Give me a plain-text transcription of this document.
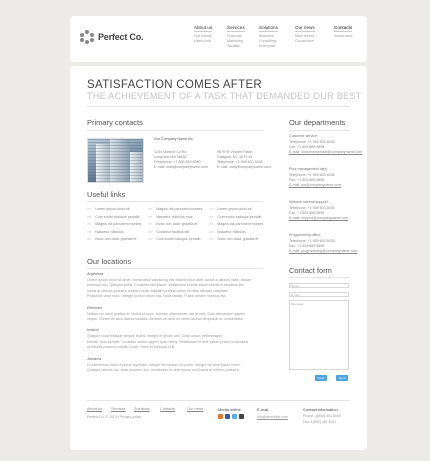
Perfect Co.
About us
Our history
Useful info
Services
Financial
Marketing
Taxation
Solutions
Business
Consulting
Enterprise
Our news
Most recent
Our archive
Contacts
Social work
SATISFACTION COMES AFTER
THE ACHIEVEMENT OF A TASK THAT DEMANDED OUR BEST
Primary contacts
Our Company Name Inc.
1234 Marmor Cy Rd,
Longview WA 98632
Freephone: +1 800 559 6580
E-mail: mail@companyname.com
9870 St Vincent Place,
Glasgow, DC 45 Fr 45
Telephone: +1 959 603 6035
E-mail: mail@companyname.com
Useful links
>> Lorem ipsum dolor sit
>> Cum sociis natoque penatib
>> Magnis dis parturient montes
>> Nascetur ridiculus
>> Nunc non dolor gravida et
>> Magnis dis parturient montes
>> Nascetur ridiculus mus
>> Nunc non dolor gravida et
>> Curabitur facilisis elit
>> Cum sociis natoque penatib
>> Lorem ipsum dolor sit
>> Cum sociis natoque penatib
>> Magnis dis parturient montes
>> Nascetur ridiculus
>> Nunc non dolor gravida et
Our locations
Argentina
Lorem ipsum dolor sit amet, consectetur adipiscing elit. Mauris dolor ante, luctus a ultrices vitae, dictum
euismod non. Quisque porta. Curabitur sed ipsum. Vestibulum et ante ipsum primis in faucibus orci
luctus et ultrices posuere cubilia Curae; Aliquam pretium tellus vel felis ultricies vulputate.
Phasellus vitae nunc. Integer luctus rutrum nisi. Nulla facilisi. Fusce ornare rhoncus est.
Denmark
Nullam vel dolor gravida et, luctus et nunc. Aenean ullamcorper nisi at velit. Duis elementum sapien
neque. Donec vel arcu lacinia sodales. Aenean vel ante eu lorem lacinia tempus at et, consectetur.
Ireland
Quisque nulla tristique tempor lectus. Integer et ipsum orci. Cras cursus pellentesque
blandit. Duis semper. Curabitur auctor sapien quis metus. Vestibulum et ante ipsum primis in faucibus
ut ultrices posuere cubilia Curae. Nunc et vehicula velit.
Jamaica
Ut elementum dolor a purus dignissim, integer fermentum ut ipsum. Integer vel ante ipsum lorem
Quisque ultrices dui, vitae posuere orci. Vestibulum et ante ipsum orci luctus et ultrices posuere.
Our departments
Customer service:
Telephone: +1 959 603 6035
Fax: +1 504 889 9898
E-mail: customerservice@companyname.com
Pure management dept:
Telephone: +1 959 603 6035
Fax: +1 504 889 9898
E-mail: pm@companyname.com
Website internal support:
Telephone: +1 959 603 6035
Fax: +1 504 889 9898
E-mail: support@companyname.com
Programming office:
Telephone: +1 959 603 6035
Fax: +1 504 889 9898
E-mail: programming@companyname.com
Contact form
Name:
E-mail:
Message:
Clear	Send
About us Services Solutions	Contacts	Our news
Perfect Co. © 2013 | Privacy policy
Media online	E-mail
info@demolink.com
Contact information
Phone: 1(800) 451 8000
Fax: 1(800) 451 8011
